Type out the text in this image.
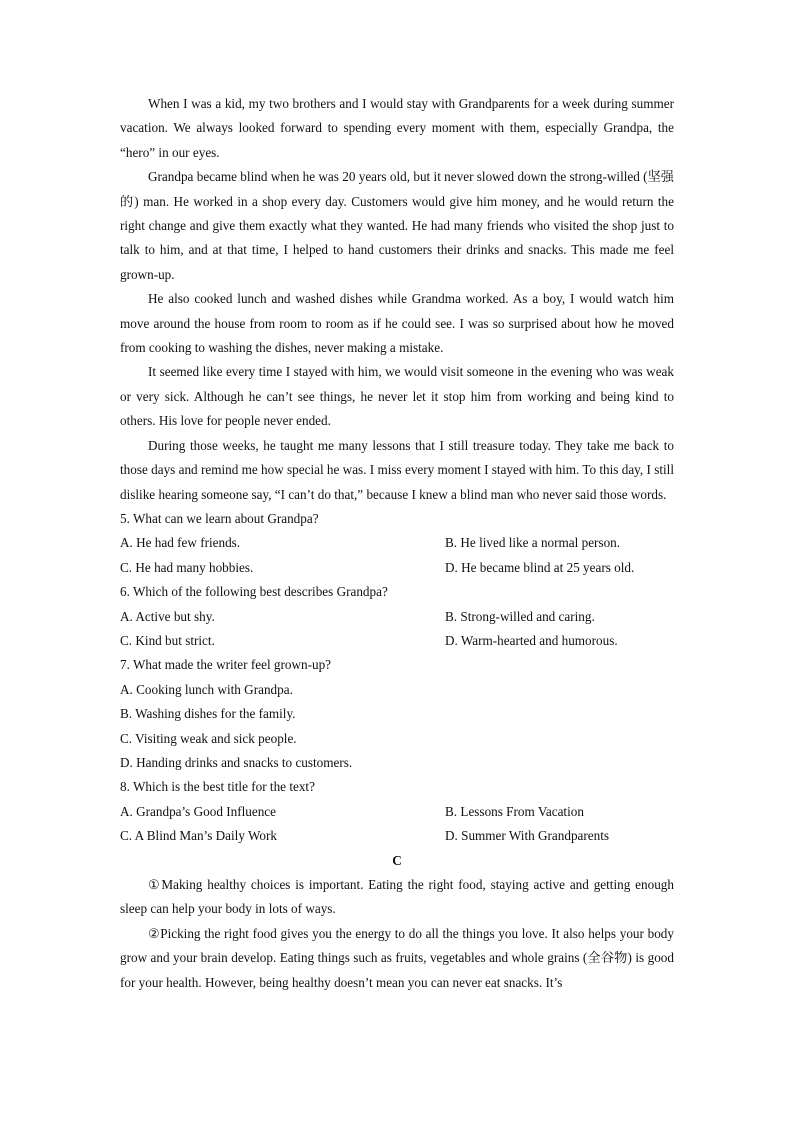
When I was a kid, my two brothers and I would stay with Grandparents for a week during summer vacation. We always looked forward to spending every moment with them, especially Grandpa, the “hero” in our eyes.

Grandpa became blind when he was 20 years old, but it never slowed down the strong-willed (坚强的) man. He worked in a shop every day. Customers would give him money, and he would return the right change and give them exactly what they wanted. He had many friends who visited the shop just to talk to him, and at that time, I helped to hand customers their drinks and snacks. This made me feel grown-up.

He also cooked lunch and washed dishes while Grandma worked. As a boy, I would watch him move around the house from room to room as if he could see. I was so surprised about how he moved from cooking to washing the dishes, never making a mistake.

It seemed like every time I stayed with him, we would visit someone in the evening who was weak or very sick. Although he can’t see things, he never let it stop him from working and being kind to others. His love for people never ended.

During those weeks, he taught me many lessons that I still treasure today. They take me back to those days and remind me how special he was. I miss every moment I stayed with him. To this day, I still dislike hearing someone say, “I can’t do that,” because I knew a blind man who never said those words.

5. What can we learn about Grandpa?

A. He had few friends.	B. He lived like a normal person.
C. He had many hobbies.	D. He became blind at 25 years old.

6. Which of the following best describes Grandpa?

A. Active but shy.	B. Strong-willed and caring.
C. Kind but strict.	D. Warm-hearted and humorous.

7. What made the writer feel grown-up?

A. Cooking lunch with Grandpa.
B. Washing dishes for the family.
C. Visiting weak and sick people.
D. Handing drinks and snacks to customers.

8. Which is the best title for the text?

A. Grandpa’s Good Influence	B. Lessons From Vacation
C. A Blind Man’s Daily Work	D. Summer With Grandparents

C

①Making healthy choices is important. Eating the right food, staying active and getting enough sleep can help your body in lots of ways.

②Picking the right food gives you the energy to do all the things you love. It also helps your body grow and your brain develop. Eating things such as fruits, vegetables and whole grains (全谷物) is good for your health. However, being healthy doesn’t mean you can never eat snacks. It’s
